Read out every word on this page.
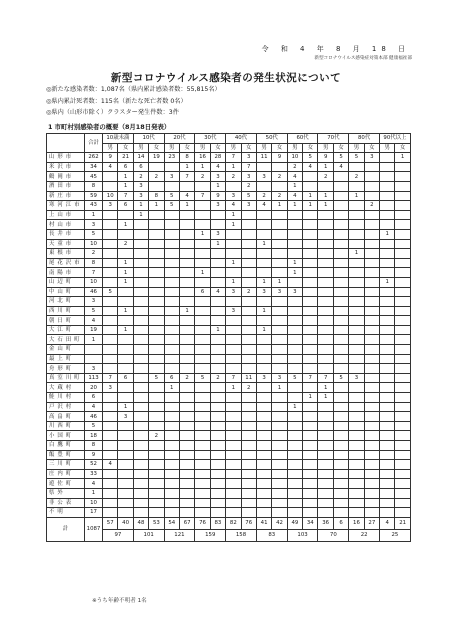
令 和 4 年 8 月 18 日
新型コロナウイルス感染症対策本部 健康福祉部
新型コロナウイルス感染者の発生状況について
◎新たな感染者数：1,087名（県内累計感染者数：55,815名）
◎県内累計死者数：115名（新たな死亡者数 0名）
◎県内（山形市除く）クラスター発生件数：3件
1 市町村別感染者の概要（8月18日発表）
	合計	10歳未満		10代		20代		30代		40代		50代		60代		70代		80代		90代以上	
		男	女	男	女	男	女	男	女	男	女	男	女	男	女	男	女	男	女	男	女
山形市	262	9	21	14	19	23	8	16	28	7	3	11	9	10	5	9	5	5	3		1
米沢市	34	4	6	6			1	1	4	1	7			2	4	1	4				
鶴岡市	45		1	2	2	3	7	2	3	2	3	3	2	4		2		2			
酒田市	8		1	3					1		2			1							
新庄市	59	10	7	3	8	5	4	7	9	3	5	2	2	4	1	1		1			
寒河江市	43	3	6	1	1	5	1		3	4	3	4	1	1	1	1			2		
上山市	1			1						1											
村山市	3		1							1											
長井市	5							1	3											1	
天童市	10		2						1			1									
東根市	2																	1			
尾花沢市	8		1							1				1							
南陽市	7		1					1						1							
山辺町	10		1							1		1	1							1	
中山町	46	5						6	4	3	2	3	3	3							
河北町	3																				
西川町	5		1				1			3		1									
朝日町	4																				
大江町	19		1						1			1									
大石田町	1																				
金山町																					
最上町																					
舟形町	3																				
真室川町	113	7	6		5	6	2	5	2	7	11	3	3	5	7	7	5	3			
大蔵村	20	3				1				1	2		1			1					
鮭川村	6														1	1					
戸沢村	4		1											1							
高畠町	46		3																		
川西町	5																				
小国町	18				2																
白鷹町	8																				
飯豊町	9																				
三川町	52	4																			
庄内町	33																				
遊佐町	4																				
県外	1																				
非公表	10																				
不明	17																				
計	1087	57	40	48	53	54	67	76	83	82	76	41	42	49	34	36	6	16	27	4	21
		97		101		121		159		158		83		103		70		22		25	
※うち年齢不明者 1名
